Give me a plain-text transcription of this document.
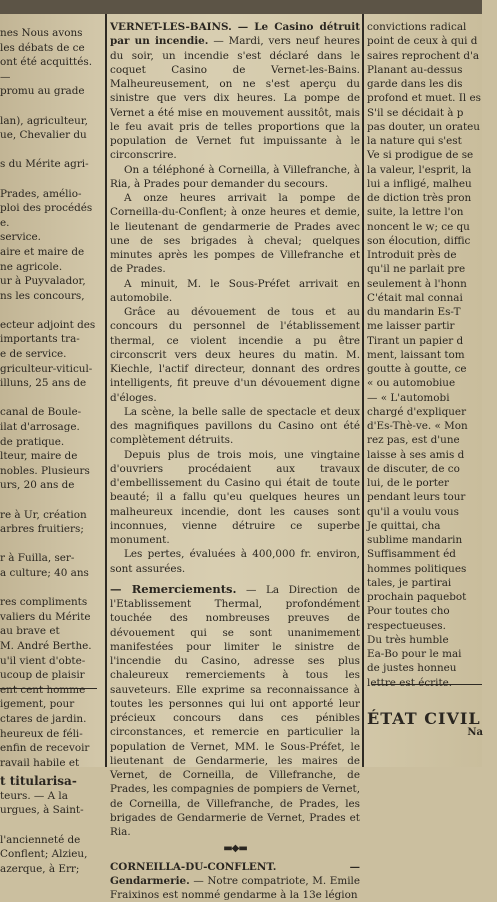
nes Nous avons
les débats de ce
ont été acquittés.
—
promu au grade

lan), agriculteur,
ue, Chevalier du

s du Mérite agri-

Prades, amélio-
ploi des procédés
e.
service.
aire et maire de
ne agricole.
ur à Puyvalador,
ns les concours,

ecteur adjoint des
importants tra-
e de service.
griculteur-viticul-
illuns, 25 ans de

canal de Boule-
ilat d'arrosage.
de pratique.
lteur, maire de
nobles. Plusieurs
urs, 20 ans de

re à Ur, création
arbres fruitiers;

r à Fuilla, ser-
a culture; 40 ans

res compliments
valiers du Mérite
au brave et
M. André Berthe.
u'il vient d'obte-
ucoup de plaisir
ent cent homme
igement, pour
ctares de jardin.
heureux de féli-
enfin de recevoir
ravail habile et
t titularisa-
teurs. — A la
urgues, à Saint-

l'ancienneté de
Conflent; Alzieu,
azerque, à Err;

VERNET-LES-BAINS. — Le Casino détruit par un incendie. — Mardi, vers neuf heures du soir, un incendie s'est déclaré dans le coquet Casino de Vernet-les-Bains. Malheureusement, on ne s'est aperçu du sinistre que vers dix heures. La pompe de Vernet a été mise en mouvement aussitôt, mais le feu avait pris de telles proportions que la population de Vernet fut impuissante à le circonscrire.

On a téléphoné à Corneilla, à Villefranche, à Ria, à Prades pour demander du secours.

A onze heures arrivait la pompe de Corneilla-du-Conflent; à onze heures et demie, le lieutenant de gendarmerie de Prades avec une de ses brigades à cheval; quelques minutes après les pompes de Villefranche et de Prades.

A minuit, M. le Sous-Préfet arrivait en automobile.

Grâce au dévouement de tous et au concours du personnel de l'établissement thermal, ce violent incendie a pu être circonscrit vers deux heures du matin. M. Kiechle, l'actif directeur, donnant des ordres intelligents, fit preuve d'un dévouement digne d'éloges.

La scène, la belle salle de spectacle et deux des magnifiques pavillons du Casino ont été complètement détruits.

Depuis plus de trois mois, une vingtaine d'ouvriers procédaient aux travaux d'embellissement du Casino qui était de toute beauté; il a fallu qu'eu quelques heures un malheureux incendie, dont les causes sont inconnues, vienne détruire ce superbe monument.

Les pertes, évaluées à 400,000 fr. environ, sont assurées.

— Remerciements. — La Direction de l'Etablissement Thermal, profondément touchée des nombreuses preuves de dévouement qui se sont unanimement manifestées pour limiter le sinistre de l'incendie du Casino, adresse ses plus chaleureux remerciements à tous les sauveteurs. Elle exprime sa reconnaissance à toutes les personnes qui lui ont apporté leur précieux concours dans ces pénibles circonstances, et remercie en particulier la population de Vernet, MM. le Sous-Préfet, le lieutenant de Gendarmerie, les maires de Vernet, de Corneilla, de Villefranche, de Prades, les compagnies de pompiers de Vernet, de Corneilla, de Villefranche, de Prades, les brigades de Gendarmerie de Vernet, Prades et Ria.

▬◆▬

CORNEILLA-DU-CONFLENT. — Gendarmerie. — Notre compatriote, M. Emile Fraixinos est nommé gendarme à la 13e légion

convictions radical
point de ceux à qui d
saires reprochent d'a
Planant au-dessus
garde dans les dis
profond et muet. Il es
S'il se décidait à p
pas douter, un orateu
la nature qui s'est
Ve si prodigue de se
la valeur, l'esprit, la
lui a infligé, malheu
de diction très pron
suite, la lettre l'on
noncent le w; ce qu
son élocution, diffic
Introduit près de
qu'il ne parlait pre
seulement à l'honn
C'était mal connai
du mandarin Es-T
me laisser partir
Tirant un papier d
ment, laissant tom
goutte à goutte, ce
« ou automobiue
— « L'automobi
chargé d'expliquer
d'Es-Thè-ve. « Mon
rez pas, est d'une
laisse à ses amis d
de discuter, de co
lui, de le porter
pendant leurs tour
qu'il a voulu vous
Je quittai, cha
sublime mandarin
Suffisamment éd
hommes politiques
tales, je partirai
prochain paquebot
Pour toutes cho
respectueuses.
Du très humble
Ea-Bo pour le mai
de justes honneu
lettre est écrite.
ÉTAT CIVIL
Na
